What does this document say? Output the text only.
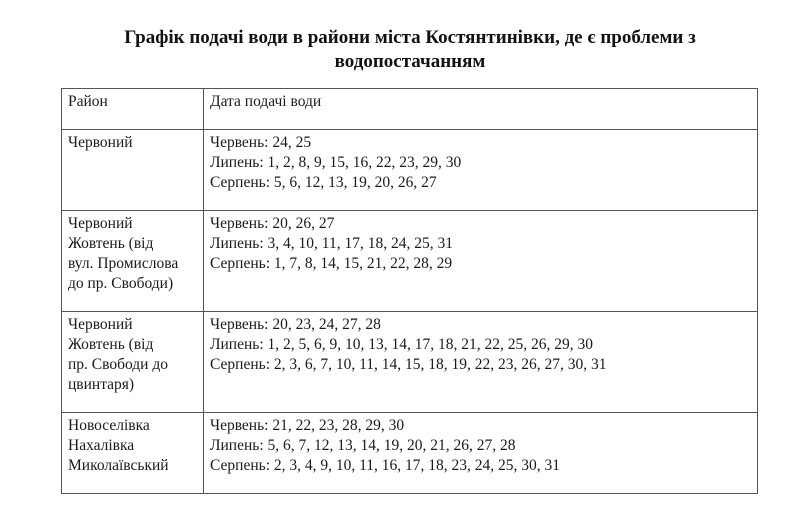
Графік подачі води в райони міста Костянтинівки, де є проблеми з
водопостачанням
Район	Дата подачі води

Червоний	Червень: 24, 25
Липень: 1, 2, 8, 9, 15, 16, 22, 23, 29, 30
Серпень: 5, 6, 12, 13, 19, 20, 26, 27

Червоний
Жовтень (від
вул. Промислова
до пр. Свободи)	Червень: 20, 26, 27
Липень: 3, 4, 10, 11, 17, 18, 24, 25, 31
Серпень: 1, 7, 8, 14, 15, 21, 22, 28, 29

Червоний
Жовтень (від
пр. Свободи до
цвинтаря)	Червень: 20, 23, 24, 27, 28
Липень: 1, 2, 5, 6, 9, 10, 13, 14, 17, 18, 21, 22, 25, 26, 29, 30
Серпень: 2, 3, 6, 7, 10, 11, 14, 15, 18, 19, 22, 23, 26, 27, 30, 31

Новоселівка
Нахалівка
Миколаївський	Червень: 21, 22, 23, 28, 29, 30
Липень: 5, 6, 7, 12, 13, 14, 19, 20, 21, 26, 27, 28
Серпень: 2, 3, 4, 9, 10, 11, 16, 17, 18, 23, 24, 25, 30, 31
